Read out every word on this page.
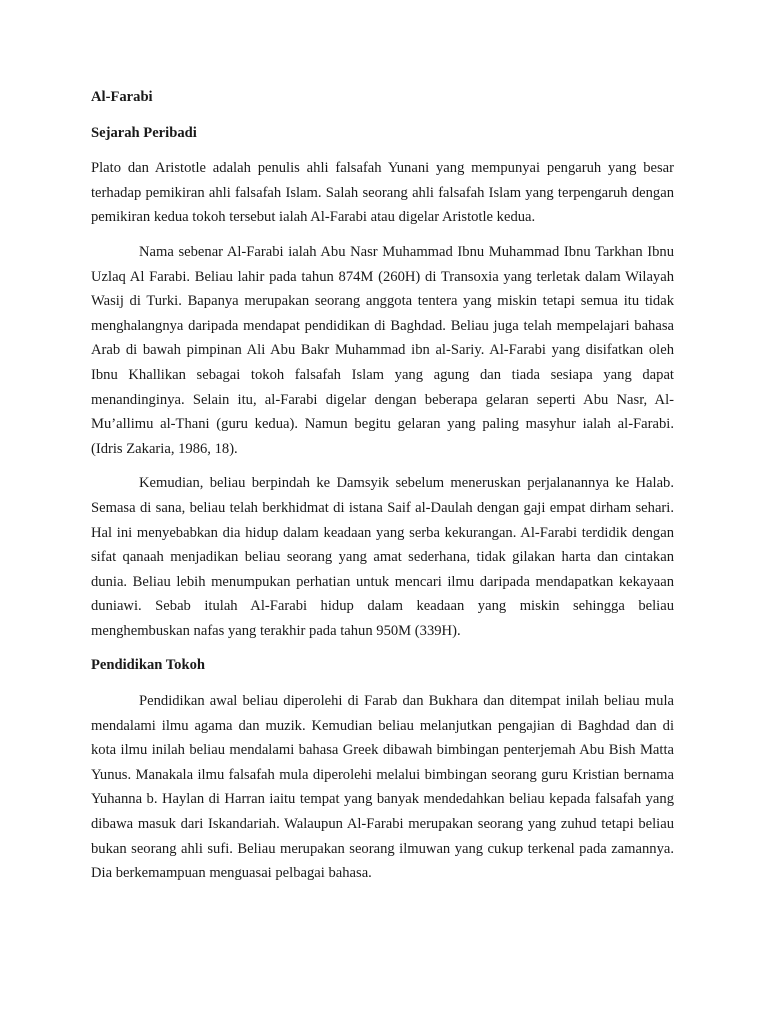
Al-Farabi

Sejarah Peribadi

Plato dan Aristotle adalah penulis ahli falsafah Yunani yang mempunyai pengaruh yang besar terhadap pemikiran ahli falsafah Islam. Salah seorang ahli falsafah Islam yang terpengaruh dengan pemikiran kedua tokoh tersebut ialah Al-Farabi atau digelar Aristotle kedua.

Nama sebenar Al-Farabi ialah Abu Nasr Muhammad Ibnu Muhammad Ibnu Tarkhan Ibnu Uzlaq Al Farabi. Beliau lahir pada tahun 874M (260H) di Transoxia yang terletak dalam Wilayah Wasij di Turki. Bapanya merupakan seorang anggota tentera yang miskin tetapi semua itu tidak menghalangnya daripada mendapat pendidikan di Baghdad. Beliau juga telah mempelajari bahasa Arab di bawah pimpinan Ali Abu Bakr Muhammad ibn al-Sariy. Al-Farabi yang disifatkan oleh Ibnu Khallikan sebagai tokoh falsafah Islam yang agung dan tiada sesiapa yang dapat menandinginya. Selain itu, al-Farabi digelar dengan beberapa gelaran seperti Abu Nasr, Al-Mu’allimu al-Thani (guru kedua). Namun begitu gelaran yang paling masyhur ialah al-Farabi. (Idris Zakaria, 1986, 18).

Kemudian, beliau berpindah ke Damsyik sebelum meneruskan perjalanannya ke Halab. Semasa di sana, beliau telah berkhidmat di istana Saif al-Daulah dengan gaji empat dirham sehari. Hal ini menyebabkan dia hidup dalam keadaan yang serba kekurangan. Al-Farabi terdidik dengan sifat qanaah menjadikan beliau seorang yang amat sederhana, tidak gilakan harta dan cintakan dunia. Beliau lebih menumpukan perhatian untuk mencari ilmu daripada mendapatkan kekayaan duniawi. Sebab itulah Al-Farabi hidup dalam keadaan yang miskin sehingga beliau menghembuskan nafas yang terakhir pada tahun 950M (339H).

Pendidikan Tokoh

Pendidikan awal beliau diperolehi di Farab dan Bukhara dan ditempat inilah beliau mula mendalami ilmu agama dan muzik. Kemudian beliau melanjutkan pengajian di Baghdad dan di kota ilmu inilah beliau mendalami bahasa Greek dibawah bimbingan penterjemah Abu Bish Matta Yunus. Manakala ilmu falsafah mula diperolehi melalui bimbingan seorang guru Kristian bernama Yuhanna b. Haylan di Harran iaitu tempat yang banyak mendedahkan beliau kepada falsafah yang dibawa masuk dari Iskandariah. Walaupun Al-Farabi merupakan seorang yang zuhud tetapi beliau bukan seorang ahli sufi. Beliau merupakan seorang ilmuwan yang cukup terkenal pada zamannya. Dia berkemampuan menguasai pelbagai bahasa.
